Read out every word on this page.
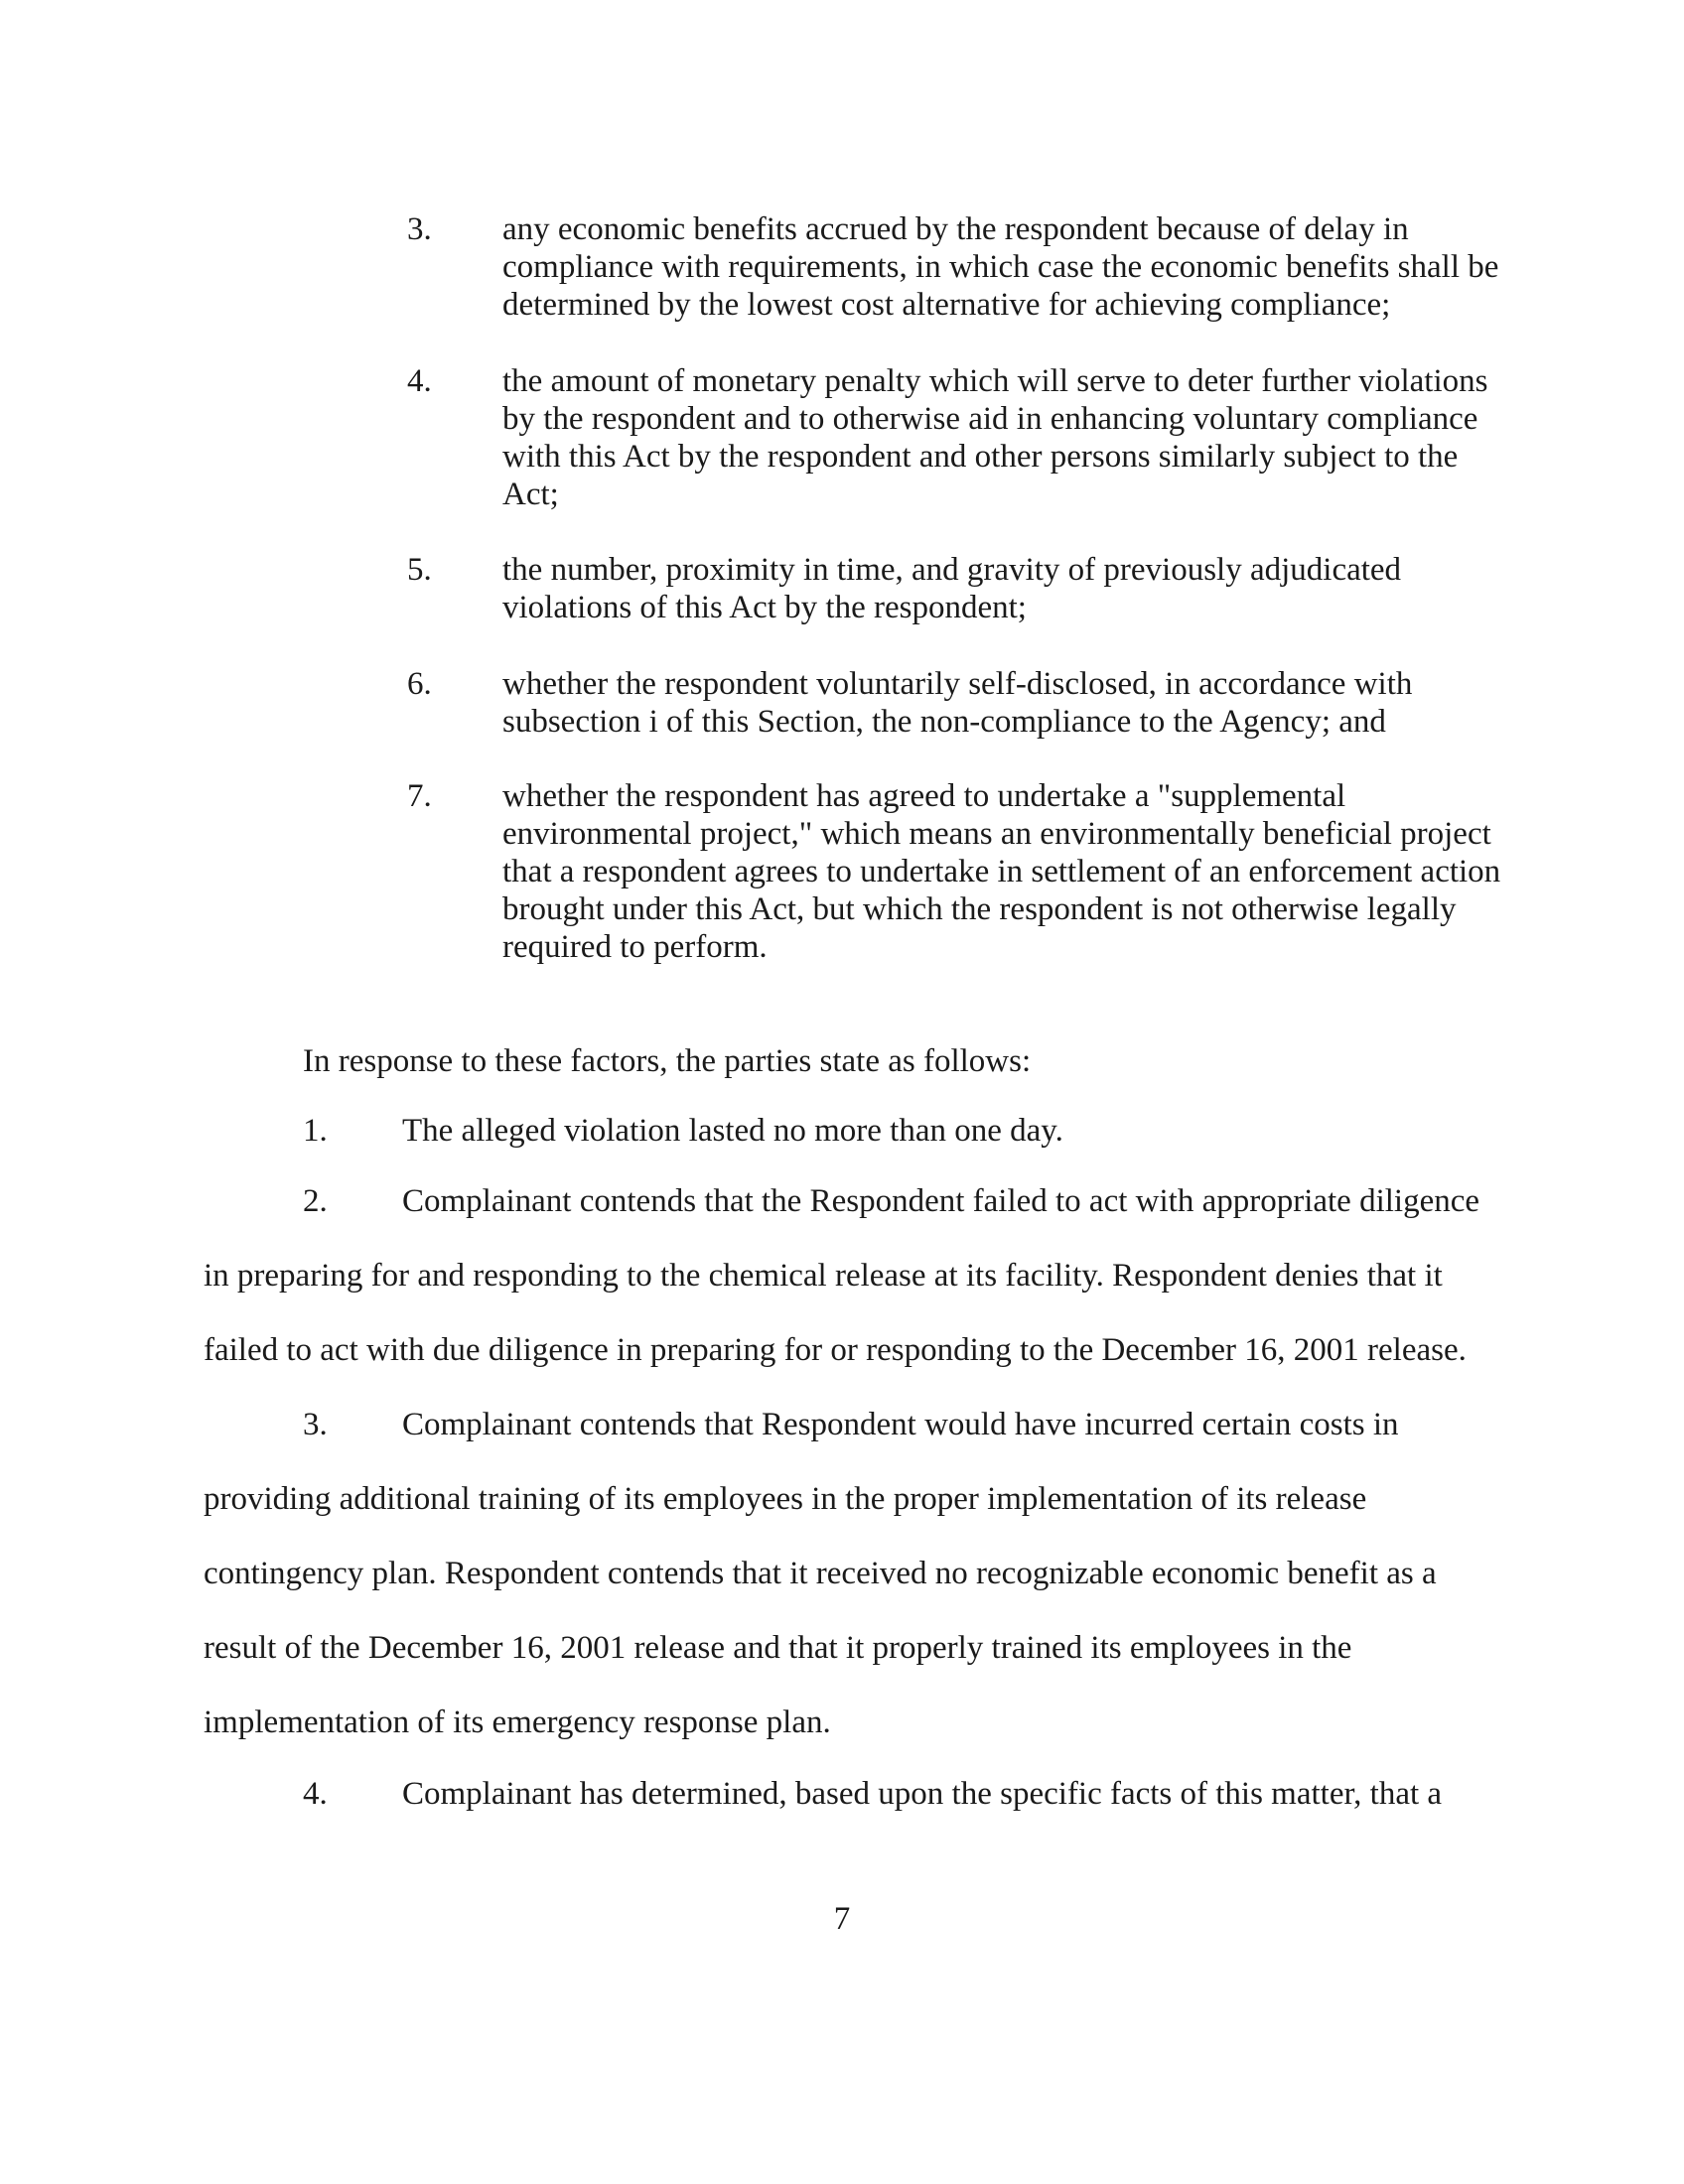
3. any economic benefits accrued by the respondent because of delay in compliance with requirements, in which case the economic benefits shall be determined by the lowest cost alternative for achieving compliance;
4. the amount of monetary penalty which will serve to deter further violations by the respondent and to otherwise aid in enhancing voluntary compliance with this Act by the respondent and other persons similarly subject to the Act;
5. the number, proximity in time, and gravity of previously adjudicated violations of this Act by the respondent;
6. whether the respondent voluntarily self-disclosed, in accordance with subsection i of this Section, the non-compliance to the Agency; and
7. whether the respondent has agreed to undertake a "supplemental environmental project," which means an environmentally beneficial project that a respondent agrees to undertake in settlement of an enforcement action brought under this Act, but which the respondent is not otherwise legally required to perform.
In response to these factors, the parties state as follows:
1.	The alleged violation lasted no more than one day.
2.	Complainant contends that the Respondent failed to act with appropriate diligence
in preparing for and responding to the chemical release at its facility. Respondent denies that it failed to act with due diligence in preparing for or responding to the December 16, 2001 release.
3.	Complainant contends that Respondent would have incurred certain costs in
providing additional training of its employees in the proper implementation of its release contingency plan. Respondent contends that it received no recognizable economic benefit as a result of the December 16, 2001 release and that it properly trained its employees in the implementation of its emergency response plan.
4.	Complainant has determined, based upon the specific facts of this matter, that a
7
